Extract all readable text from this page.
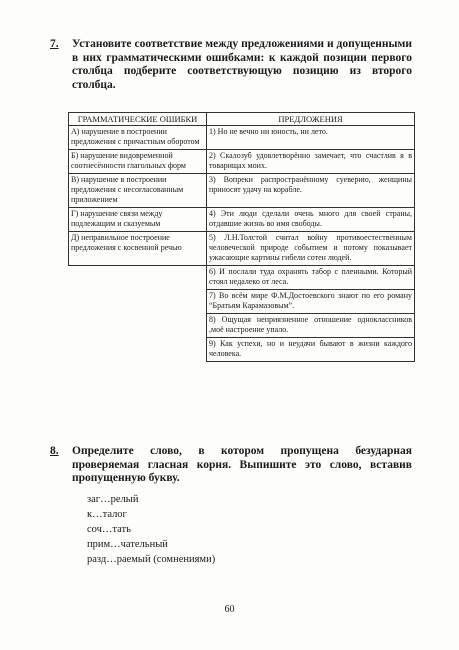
7.	Установите соответствие между предложениями и допущенными в них грамматическими ошибками: к каждой позиции первого столбца подберите соответствующую позицию из второго столбца.
ГРАММАТИЧЕСКИЕ ОШИБКИ	ПРЕДЛОЖЕНИЯ
А) нарушение в построении предложения с причастным оборотом	1) Но не вечно ни юность, ни лето.
Б) нарушение видовременной соотнесённости глагольных форм	2) Скалозуб удовлетворённо замечает, что счастлив я в товарищах моих.
В) нарушение в построении предложения с несогласованным приложением	3) Вопреки распространённому суеверию, женщины приносят удачу на корабле.
Г) нарушение связи между подлежащим и сказуемым	4) Эти люди сделали очень много для своей страны, отдавшие жизнь во имя свободы.
Д) неправильное построение предложения с косвенной речью	5) Л.Н.Толстой считал войну противоестественным человеческой природе событием и потому показывает ужасающие картины гибели сотен людей.
	6) И послали туда охранять табор с пленными. Который стоял недалеко от леса.
	7) Во всём мире Ф.М.Достоевского знают по его роману “Братьям Карамазовым”.
	8) Ощущая неприязненное отношение одноклассников ,моё настроение упало.
	9) Как успехи, но и неудачи бывают в жизни каждого человека.
8.	Определите слово, в котором пропущена безударная проверяемая гласная корня. Выпишите это слово, вставив пропущенную букву.
заг…релый
к…талог
соч…тать
прим…чательный
разд…раемый (сомнениями)
60
